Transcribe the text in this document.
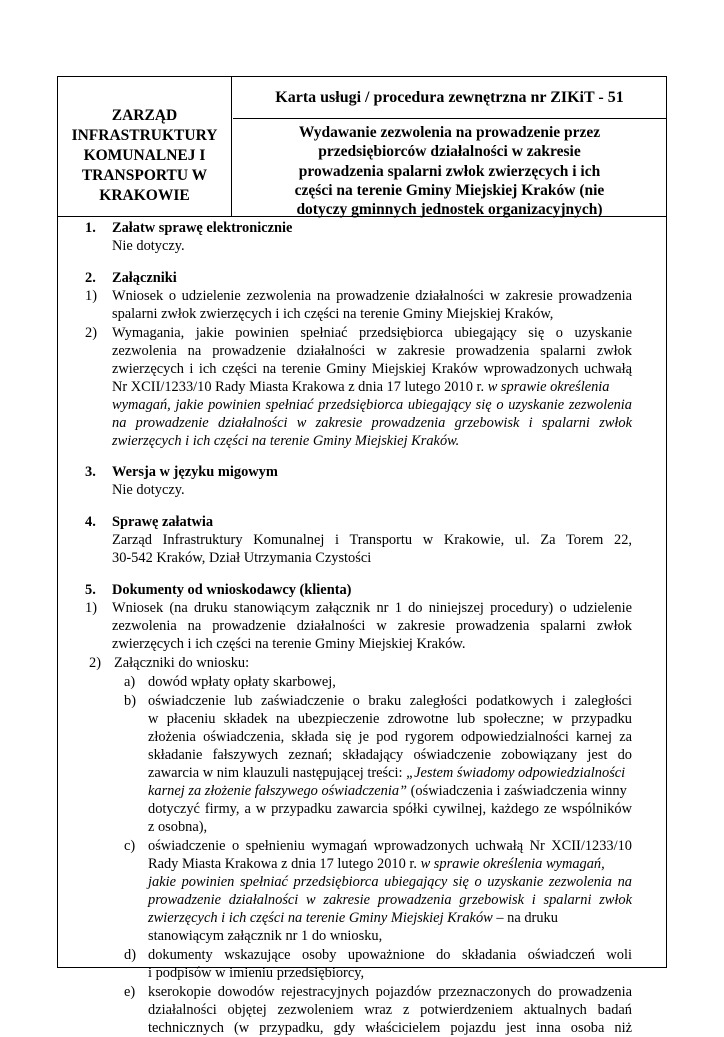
ZARZĄD
INFRASTRUKTURY
KOMUNALNEJ I
TRANSPORTU W
KRAKOWIE
Karta usługi / procedura zewnętrzna nr ZIKiT - 51
Wydawanie zezwolenia na prowadzenie przez
przedsiębiorców działalności w zakresie
prowadzenia spalarni zwłok zwierzęcych i ich
części na terenie Gminy Miejskiej Kraków (nie
dotyczy gminnych jednostek organizacyjnych)
1. Załatw sprawę elektronicznie
Nie dotyczy.
2. Załączniki
1) Wniosek o udzielenie zezwolenia na prowadzenie działalności w zakresie prowadzenia
spalarni zwłok zwierzęcych i ich części na terenie Gminy Miejskiej Kraków,
2) Wymagania, jakie powinien spełniać przedsiębiorca ubiegający się o uzyskanie
zezwolenia na prowadzenie działalności w zakresie prowadzenia spalarni zwłok
zwierzęcych i ich części na terenie Gminy Miejskiej Kraków wprowadzonych uchwałą
Nr XCII/1233/10 Rady Miasta Krakowa z dnia 17 lutego 2010 r. w sprawie określenia
wymagań, jakie powinien spełniać przedsiębiorca ubiegający się o uzyskanie zezwolenia
na prowadzenie działalności w zakresie prowadzenia grzebowisk i spalarni zwłok
zwierzęcych i ich części na terenie Gminy Miejskiej Kraków.
3. Wersja w języku migowym
Nie dotyczy.
4. Sprawę załatwia
Zarząd Infrastruktury Komunalnej i Transportu w Krakowie, ul. Za Torem 22,
30-542 Kraków, Dział Utrzymania Czystości
5. Dokumenty od wnioskodawcy (klienta)
1) Wniosek (na druku stanowiącym załącznik nr 1 do niniejszej procedury) o udzielenie
zezwolenia na prowadzenie działalności w zakresie prowadzenia spalarni zwłok
zwierzęcych i ich części na terenie Gminy Miejskiej Kraków.
2) Załączniki do wniosku:
a) dowód wpłaty opłaty skarbowej,
b) oświadczenie lub zaświadczenie o braku zaległości podatkowych i zaległości
w płaceniu składek na ubezpieczenie zdrowotne lub społeczne; w przypadku
złożenia oświadczenia, składa się je pod rygorem odpowiedzialności karnej za
składanie fałszywych zeznań; składający oświadczenie zobowiązany jest do
zawarcia w nim klauzuli następującej treści: „Jestem świadomy odpowiedzialności
karnej za złożenie fałszywego oświadczenia” (oświadczenia i zaświadczenia winny
dotyczyć firmy, a w przypadku zawarcia spółki cywilnej, każdego ze wspólników
z osobna),
c) oświadczenie o spełnieniu wymagań wprowadzonych uchwałą Nr XCII/1233/10
Rady Miasta Krakowa z dnia 17 lutego 2010 r. w sprawie określenia wymagań,
jakie powinien spełniać przedsiębiorca ubiegający się o uzyskanie zezwolenia na
prowadzenie działalności w zakresie prowadzenia grzebowisk i spalarni zwłok
zwierzęcych i ich części na terenie Gminy Miejskiej Kraków – na druku
stanowiącym załącznik nr 1 do wniosku,
d) dokumenty wskazujące osoby upoważnione do składania oświadczeń woli
i podpisów w imieniu przedsiębiorcy,
e) kserokopie dowodów rejestracyjnych pojazdów przeznaczonych do prowadzenia
działalności objętej zezwoleniem wraz z potwierdzeniem aktualnych badań
technicznych (w przypadku, gdy właścicielem pojazdu jest inna osoba niż
